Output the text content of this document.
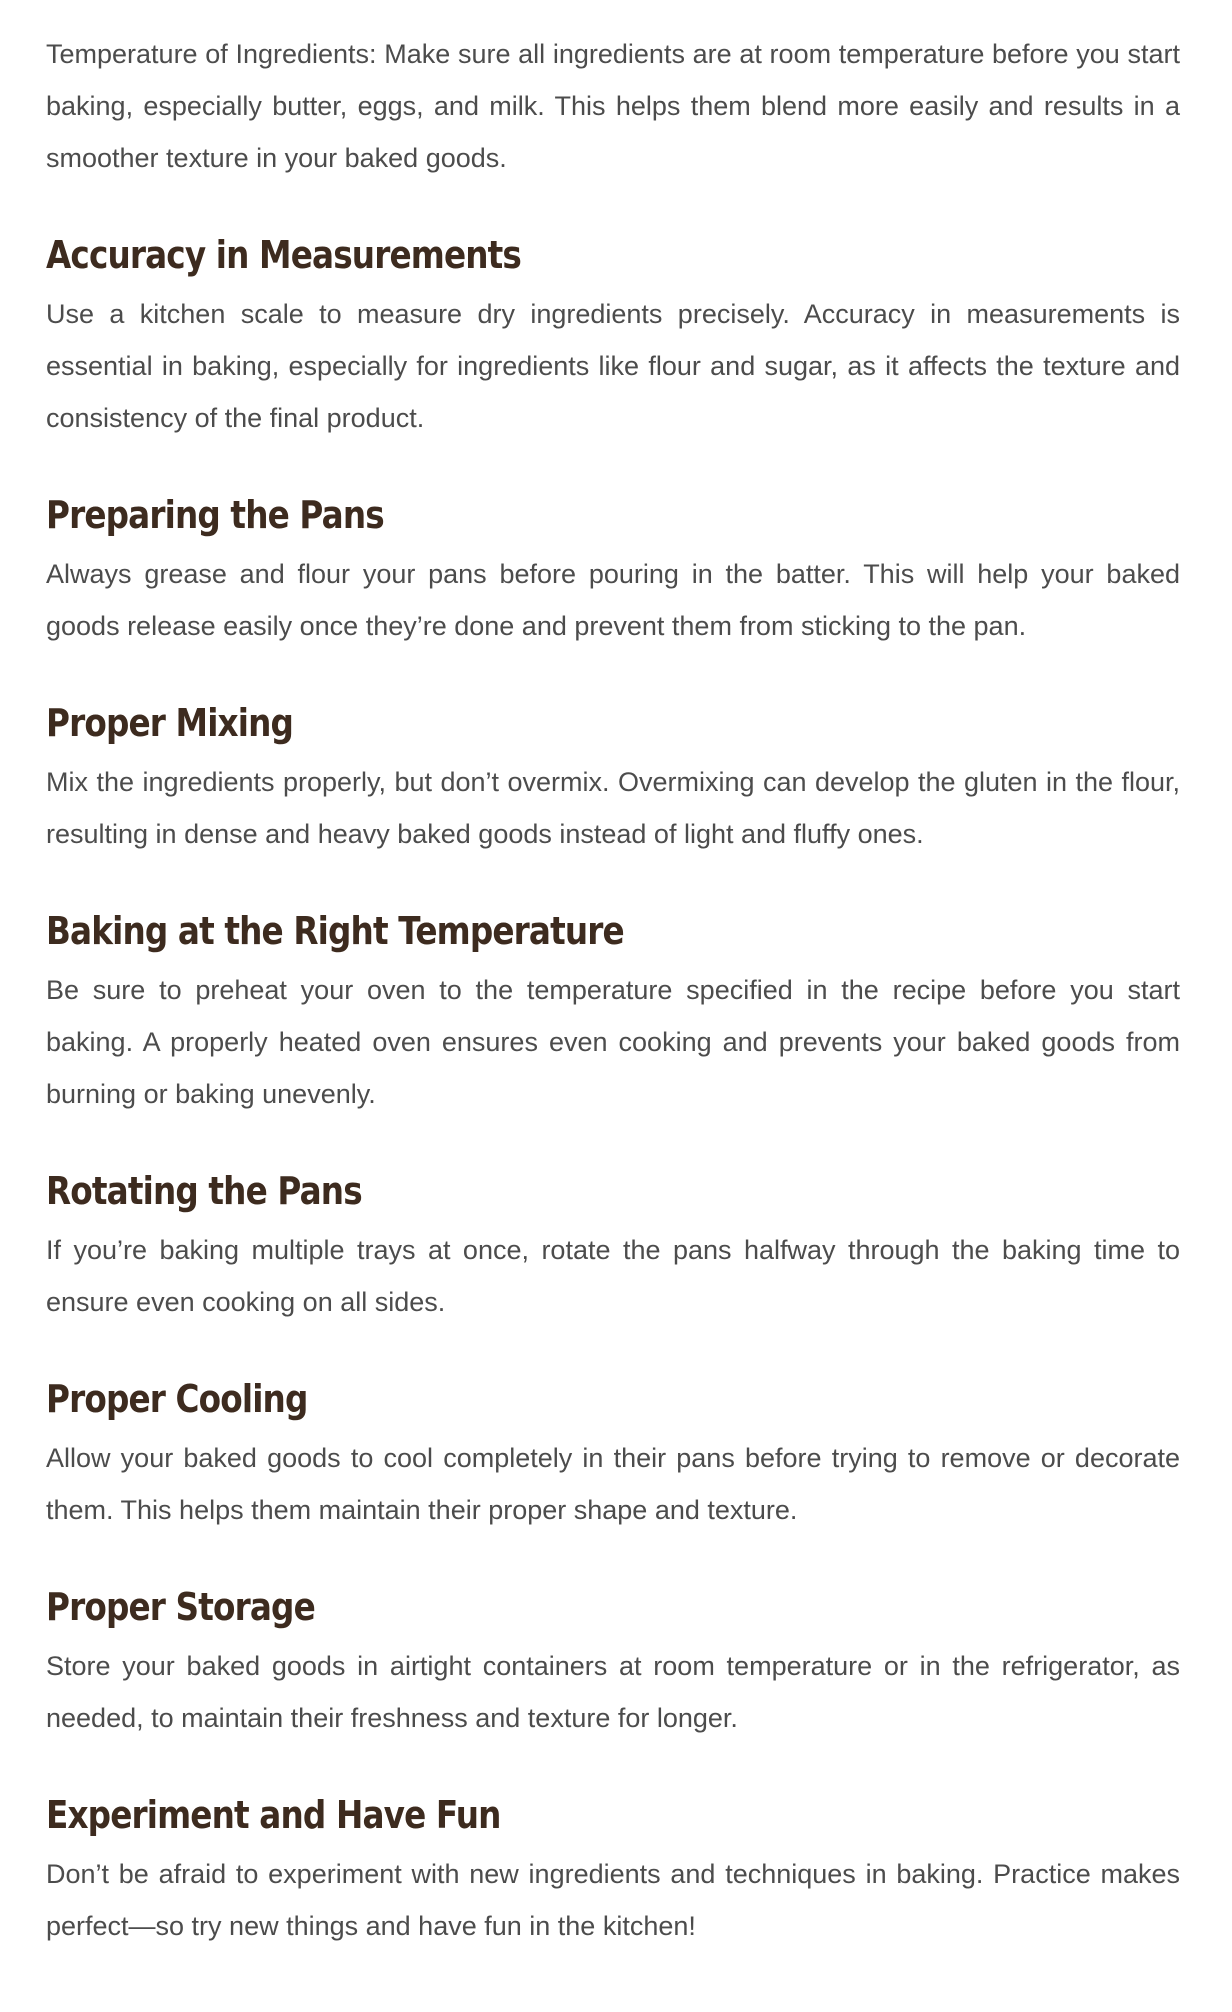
Temperature of Ingredients: Make sure all ingredients are at room temperature before you start baking, especially butter, eggs, and milk. This helps them blend more easily and results in a smoother texture in your baked goods.

Accuracy in Measurements

Use a kitchen scale to measure dry ingredients precisely. Accuracy in measurements is essential in baking, especially for ingredients like flour and sugar, as it affects the texture and consistency of the final product.

Preparing the Pans

Always grease and flour your pans before pouring in the batter. This will help your baked goods release easily once they’re done and prevent them from sticking to the pan.

Proper Mixing

Mix the ingredients properly, but don’t overmix. Overmixing can develop the gluten in the flour, resulting in dense and heavy baked goods instead of light and fluffy ones.

Baking at the Right Temperature

Be sure to preheat your oven to the temperature specified in the recipe before you start baking. A properly heated oven ensures even cooking and prevents your baked goods from burning or baking unevenly.

Rotating the Pans

If you’re baking multiple trays at once, rotate the pans halfway through the baking time to ensure even cooking on all sides.

Proper Cooling

Allow your baked goods to cool completely in their pans before trying to remove or decorate them. This helps them maintain their proper shape and texture.

Proper Storage

Store your baked goods in airtight containers at room temperature or in the refrigerator, as needed, to maintain their freshness and texture for longer.

Experiment and Have Fun

Don’t be afraid to experiment with new ingredients and techniques in baking. Practice makes perfect—so try new things and have fun in the kitchen!
